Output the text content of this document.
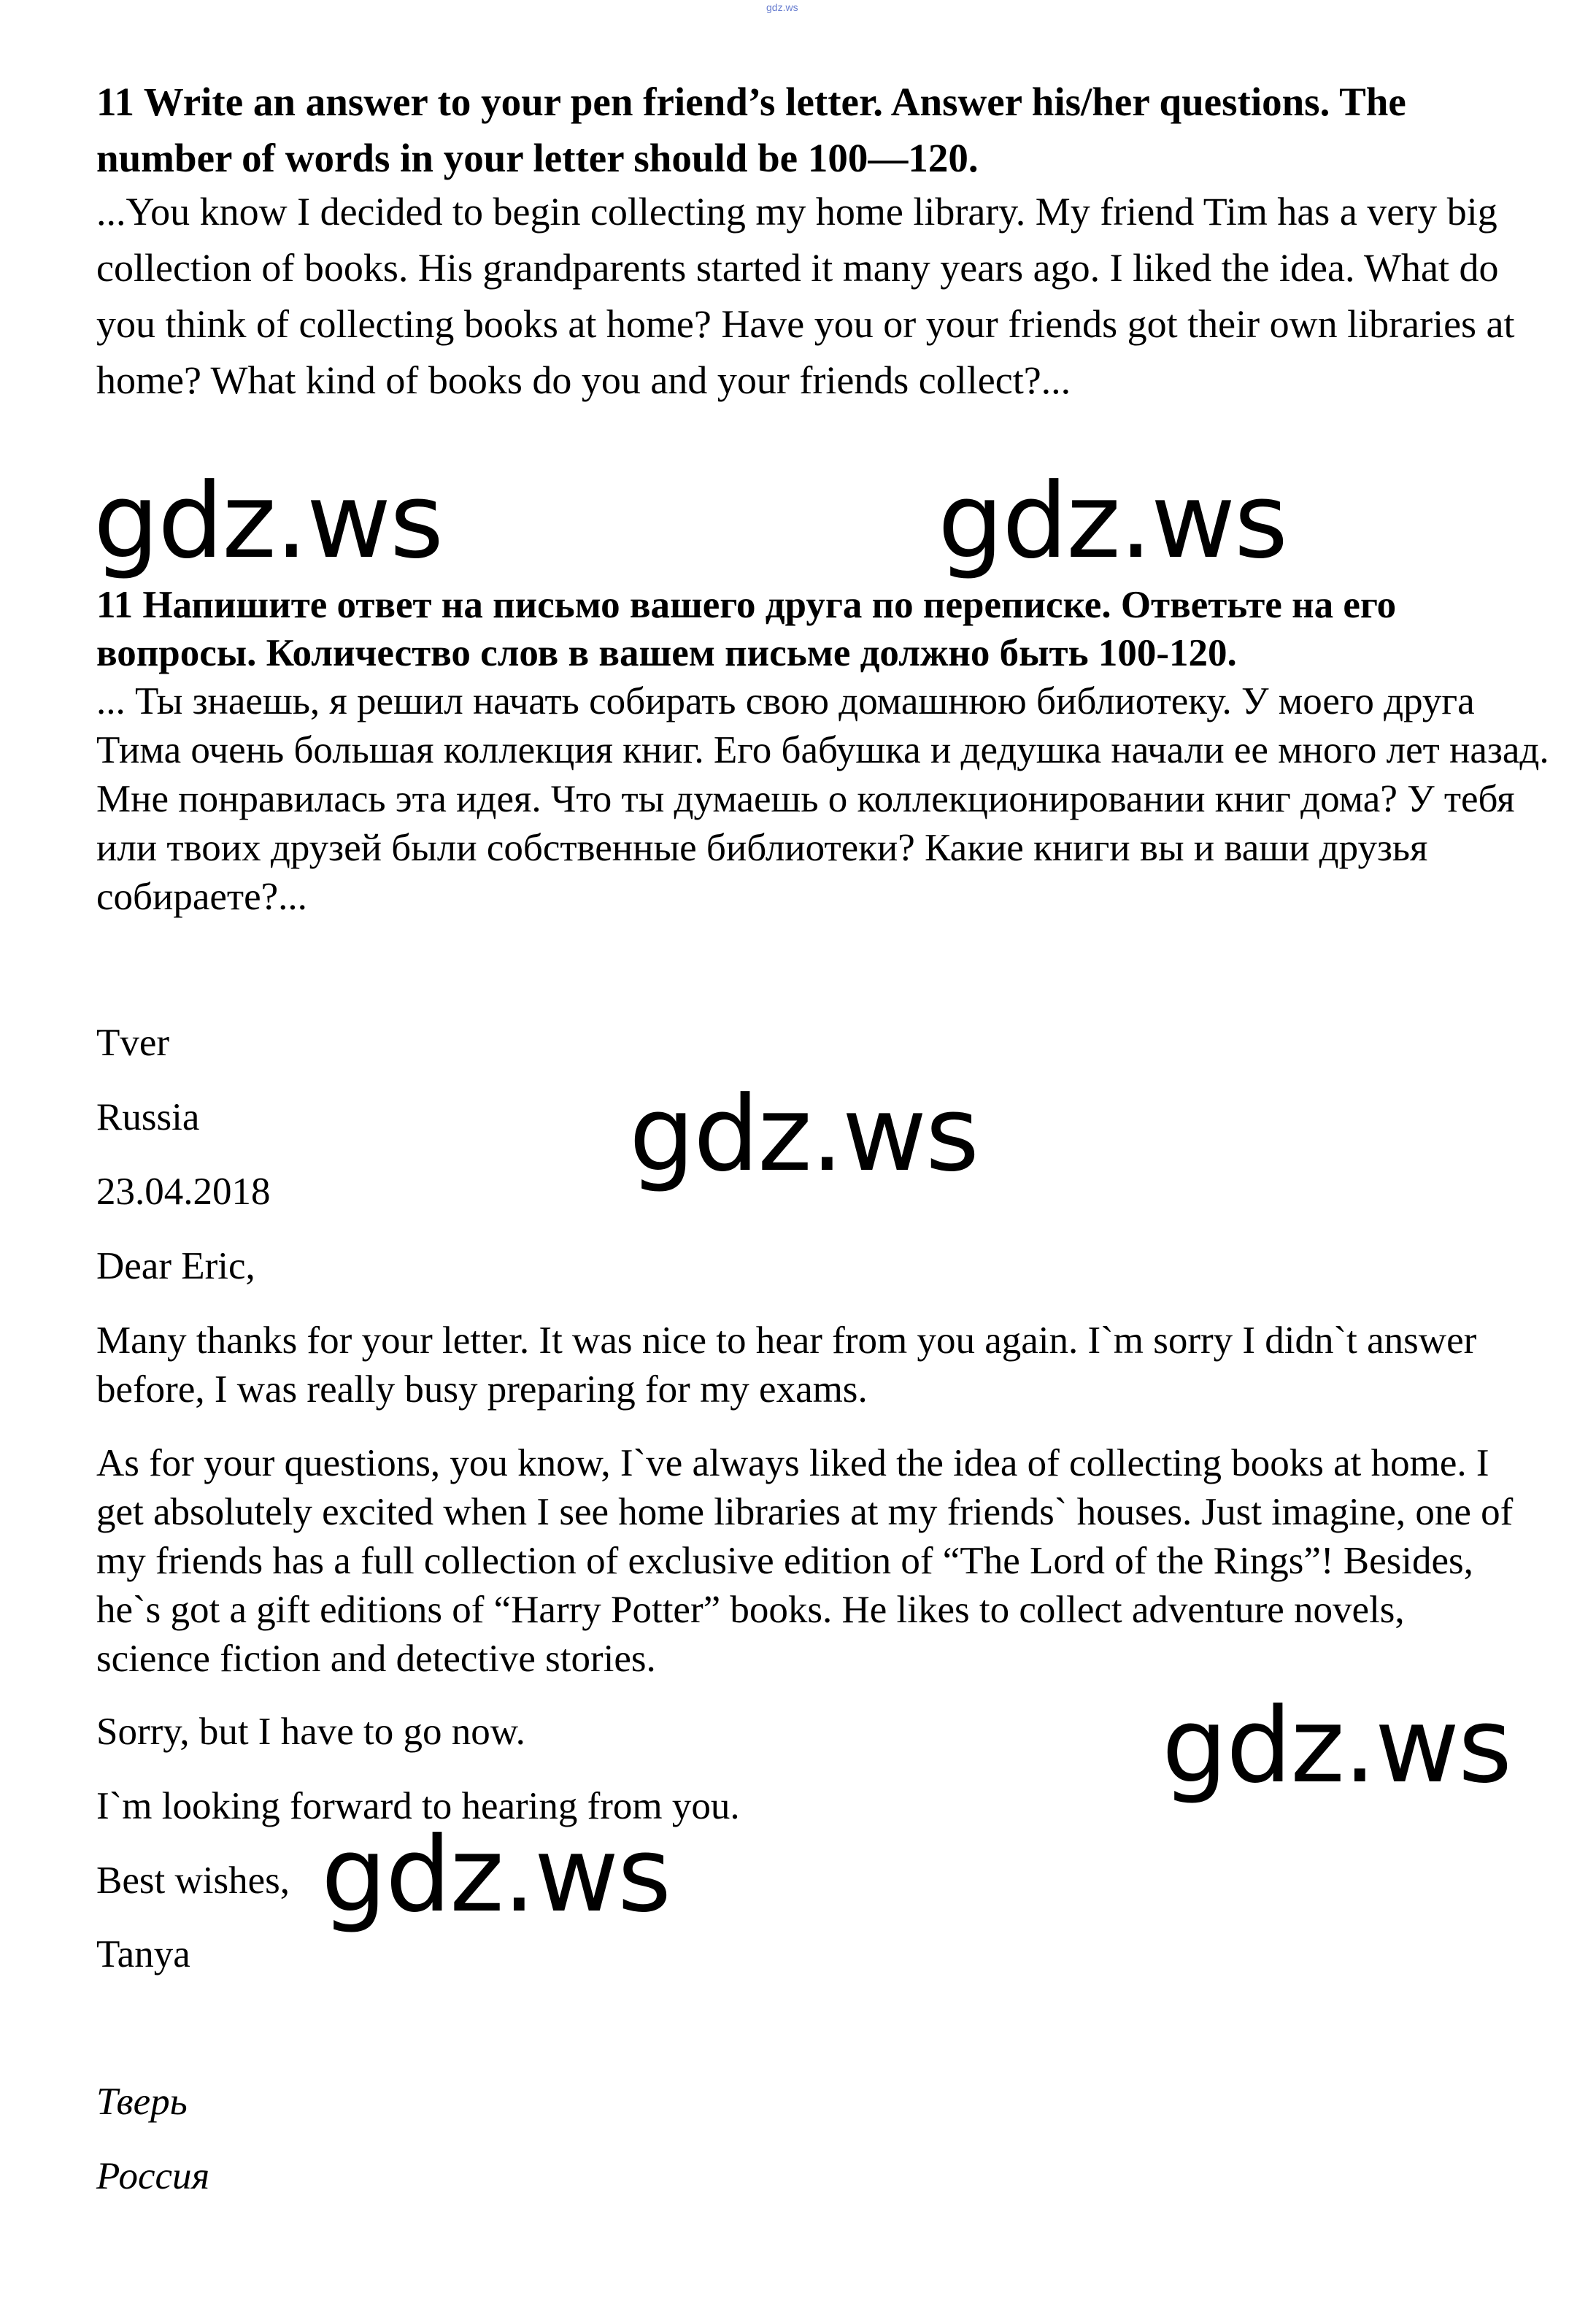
gdz.ws
11 Write an answer to your pen friend’s letter. Answer his/her questions. The number of words in your letter should be 100—120.
...You know I decided to begin collecting my home library. My friend Tim has a very big collection of books. His grandparents started it many years ago. I liked the idea. What do you think of collecting books at home? Have you or your friends got their own libraries at home? What kind of books do you and your friends collect?...
gdz.ws	gdz.ws
11 Напишите ответ на письмо вашего друга по переписке. Ответьте на его вопросы. Количество слов в вашем письме должно быть 100-120.
... Ты знаешь, я решил начать собирать свою домашнюю библиотеку. У моего друга Тима очень большая коллекция книг. Его бабушка и дедушка начали ее много лет назад. Мне понравилась эта идея. Что ты думаешь о коллекционировании книг дома? У тебя или твоих друзей были собственные библиотеки? Какие книги вы и ваши друзья собираете?...
Tver
Russia
23.04.2018	gdz.ws
Dear Eric,
Many thanks for your letter. It was nice to hear from you again. I`m sorry I didn`t answer before, I was really busy preparing for my exams.
As for your questions, you know, I`ve always liked the idea of collecting books at home. I get absolutely excited when I see home libraries at my friends` houses. Just imagine, one of my friends has a full collection of exclusive edition of “The Lord of the Rings”! Besides, he`s got a gift editions of “Harry Potter” books. He likes to collect adventure novels, science fiction and detective stories.
Sorry, but I have to go now.	gdz.ws
I`m looking forward to hearing from you.
Best wishes, gdz.ws
Tanya
Тверь
Россия
